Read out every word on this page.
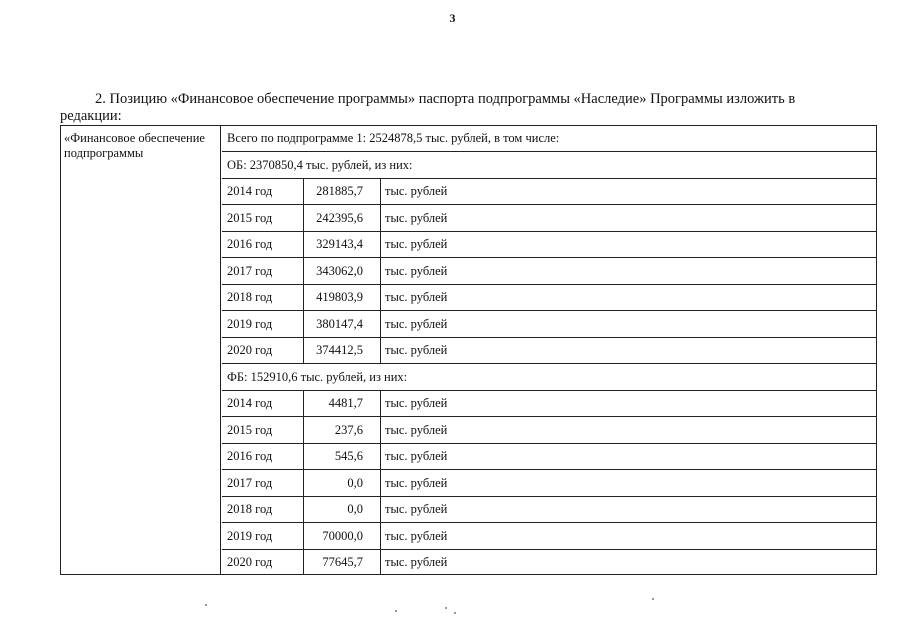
3
2. Позицию «Финансовое обеспечение программы» паспорта подпрограммы «Наследие» Программы изложить в
редакции:
«Финансовое обеспечение подпрограммы
Всего по подпрограмме 1: 2524878,5 тыс. рублей, в том числе:
ОБ: 2370850,4 тыс. рублей, из них:
2014 год	281885,7	тыс. рублей
2015 год	242395,6	тыс. рублей
2016 год	329143,4	тыс. рублей
2017 год	343062,0	тыс. рублей
2018 год	419803,9	тыс. рублей
2019 год	380147,4	тыс. рублей
2020 год	374412,5	тыс. рублей
ФБ: 152910,6 тыс. рублей, из них:
2014 год	4481,7	тыс. рублей
2015 год	237,6	тыс. рублей
2016 год	545,6	тыс. рублей
2017 год	0,0	тыс. рублей
2018 год	0,0	тыс. рублей
2019 год	70000,0	тыс. рублей
2020 год	77645,7	тыс. рублей
